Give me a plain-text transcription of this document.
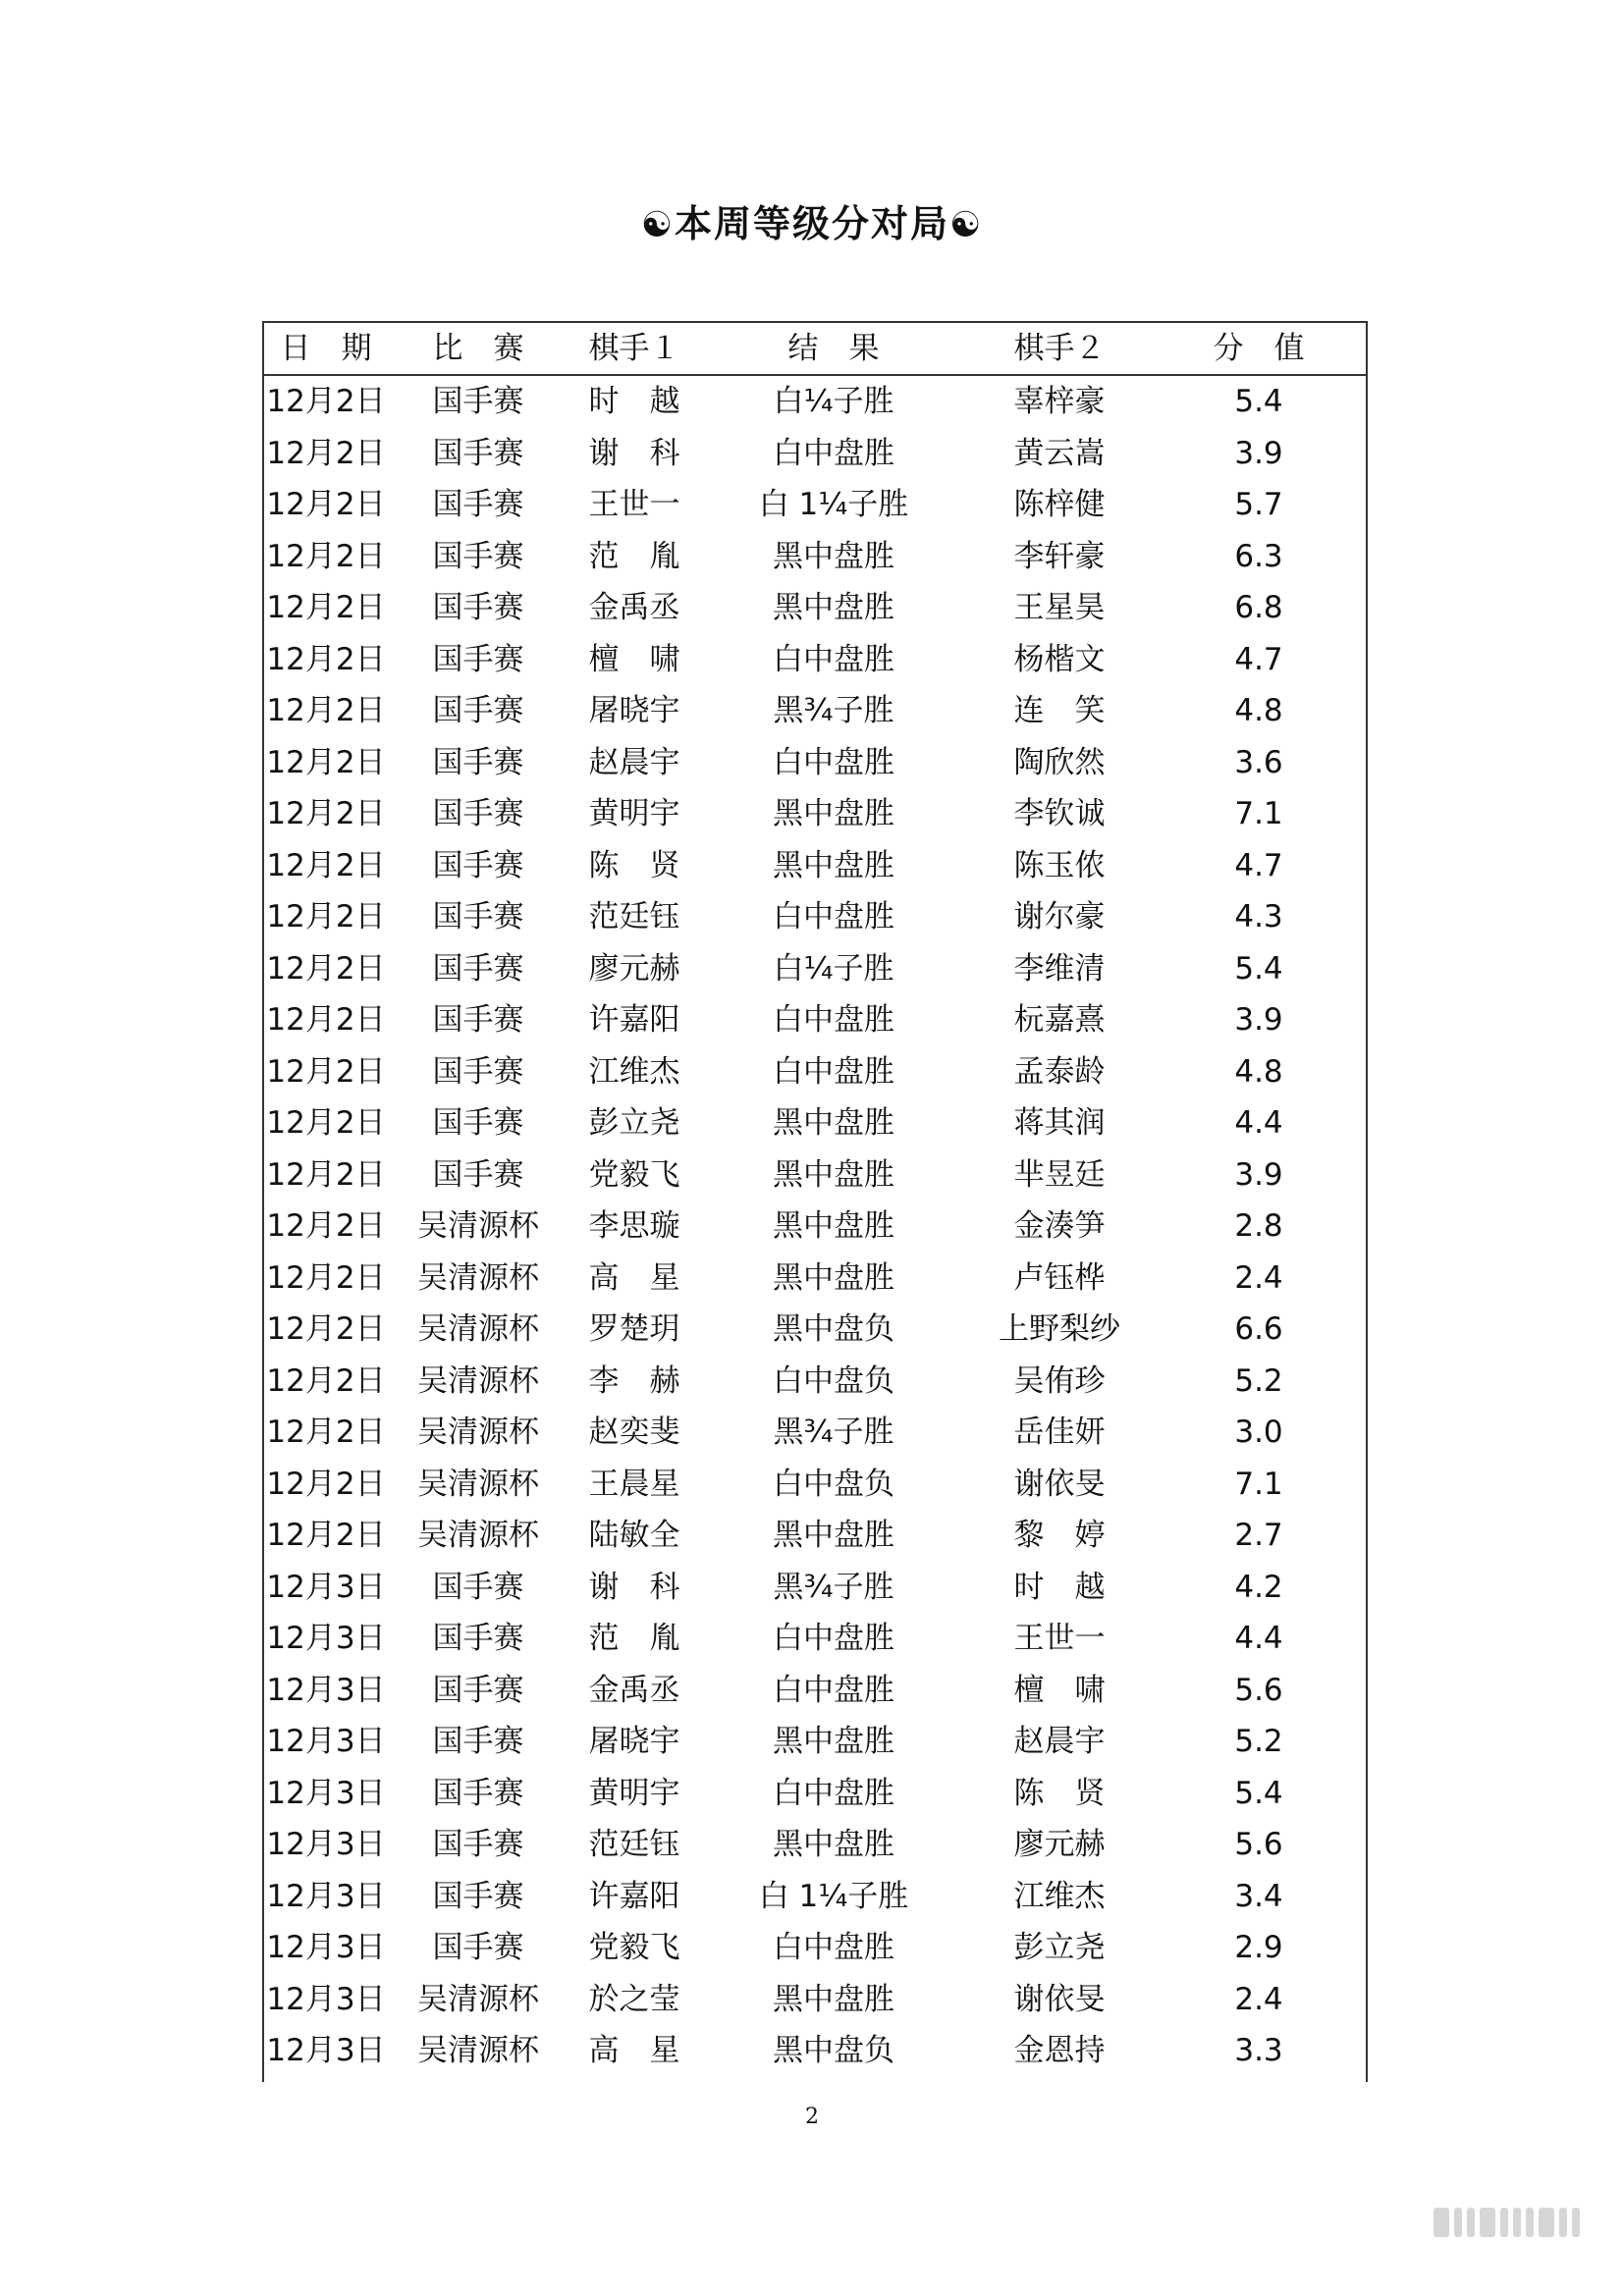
☯本周等级分对局☯
日　期	比　赛	棋手１	结　果	棋手２	分　值
12月2日	国手赛	时　越	白¼子胜	辜梓豪	5.4
12月2日	国手赛	谢　科	白中盘胜	黄云嵩	3.9
12月2日	国手赛	王世一	白 1¼子胜	陈梓健	5.7
12月2日	国手赛	范　胤	黑中盘胜	李轩豪	6.3
12月2日	国手赛	金禹丞	黑中盘胜	王星昊	6.8
12月2日	国手赛	檀　啸	白中盘胜	杨楷文	4.7
12月2日	国手赛	屠晓宇	黑¾子胜	连　笑	4.8
12月2日	国手赛	赵晨宇	白中盘胜	陶欣然	3.6
12月2日	国手赛	黄明宇	黑中盘胜	李钦诚	7.1
12月2日	国手赛	陈　贤	黑中盘胜	陈玉侬	4.7
12月2日	国手赛	范廷钰	白中盘胜	谢尔豪	4.3
12月2日	国手赛	廖元赫	白¼子胜	李维清	5.4
12月2日	国手赛	许嘉阳	白中盘胜	杬嘉熹	3.9
12月2日	国手赛	江维杰	白中盘胜	孟泰龄	4.8
12月2日	国手赛	彭立尧	黑中盘胜	蒋其润	4.4
12月2日	国手赛	党毅飞	黑中盘胜	芈昱廷	3.9
12月2日	吴清源杯	李思璇	黑中盘胜	金湊笋	2.8
12月2日	吴清源杯	高　星	黑中盘胜	卢钰桦	2.4
12月2日	吴清源杯	罗楚玥	黑中盘负	上野梨纱	6.6
12月2日	吴清源杯	李　赫	白中盘负	吴侑珍	5.2
12月2日	吴清源杯	赵奕斐	黑¾子胜	岳佳妍	3.0
12月2日	吴清源杯	王晨星	白中盘负	谢依旻	7.1
12月2日	吴清源杯	陆敏全	黑中盘胜	黎　婷	2.7
12月3日	国手赛	谢　科	黑¾子胜	时　越	4.2
12月3日	国手赛	范　胤	白中盘胜	王世一	4.4
12月3日	国手赛	金禹丞	白中盘胜	檀　啸	5.6
12月3日	国手赛	屠晓宇	黑中盘胜	赵晨宇	5.2
12月3日	国手赛	黄明宇	白中盘胜	陈　贤	5.4
12月3日	国手赛	范廷钰	黑中盘胜	廖元赫	5.6
12月3日	国手赛	许嘉阳	白 1¼子胜	江维杰	3.4
12月3日	国手赛	党毅飞	白中盘胜	彭立尧	2.9
12月3日	吴清源杯	於之莹	黑中盘胜	谢依旻	2.4
12月3日	吴清源杯	高　星	黑中盘负	金恩持	3.3
2
